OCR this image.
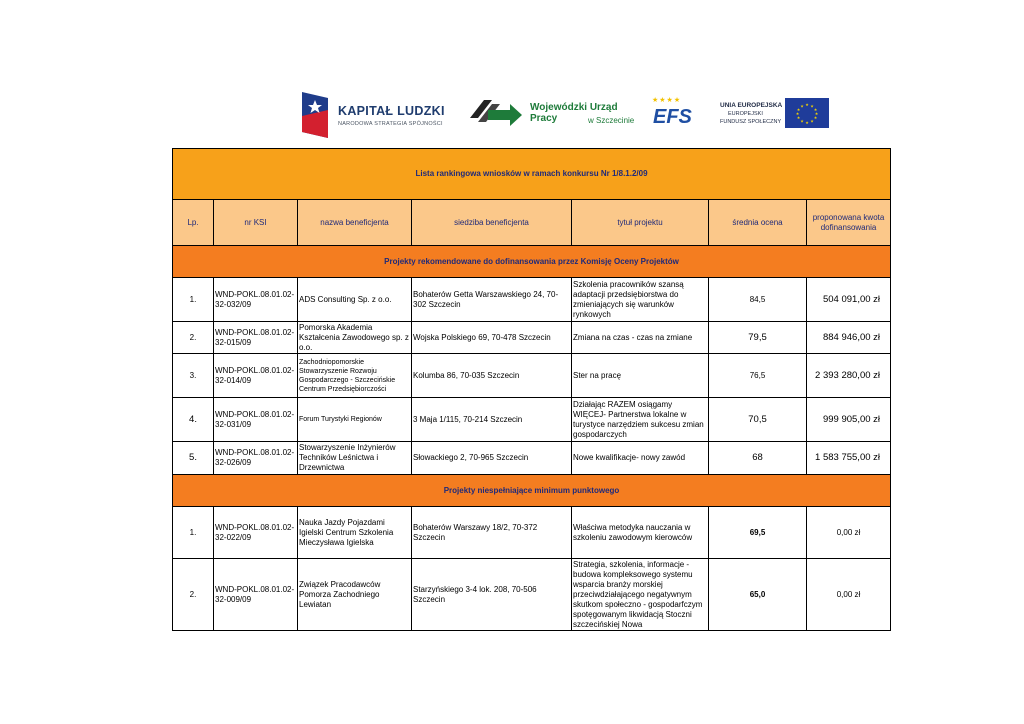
KAPITAŁ LUDZKI
NARODOWA STRATEGIA SPÓJNOŚCI
Wojewódzki Urząd Pracy	w Szczecinie
★★★★
EFS
UNIA EUROPEJSKA
EUROPEJSKI
FUNDUSZ SPOŁECZNY
★ ★
★
★
★
★
★
★
★
★
★
★
Lista rankingowa wniosków w ramach konkursu Nr 1/8.1.2/09						
Lp.	nr KSI	nazwa beneficjenta	siedziba beneficjenta	tytuł projektu	średnia ocena	proponowana kwota dofinansowania
Projekty rekomendowane do dofinansowania przez Komisję Oceny Projektów						
1.	WND-POKL.08.01.02-32-032/09	ADS Consulting Sp. z o.o.	Bohaterów Getta Warszawskiego 24, 70-302 Szczecin	Szkolenia pracowników szansą adaptacji przedsiębiorstwa do zmieniających się warunków rynkowych	84,5	504 091,00 zł
2.	WND-POKL.08.01.02-32-015/09	Pomorska Akademia Kształcenia Zawodowego sp. z o.o.	Wojska Polskiego 69, 70-478 Szczecin	Zmiana na czas - czas na zmiane	79,5	884 946,00 zł
3.	WND-POKL.08.01.02-32-014/09	Zachodniopomorskie Stowarzyszenie Rozwoju Gospodarczego - Szczecińskie Centrum Przedsiębiorczości	Kolumba 86, 70-035 Szczecin	Ster na pracę	76,5	2 393 280,00 zł
4.	WND-POKL.08.01.02-32-031/09	Forum Turystyki Regionów	3 Maja 1/115, 70-214 Szczecin	Działając RAZEM osiągamy WIĘCEJ- Partnerstwa lokalne w turystyce narzędziem sukcesu zmian gospodarczych	70,5	999 905,00 zł
5.	WND-POKL.08.01.02-32-026/09	Stowarzyszenie Inżynierów Techników Leśnictwa i Drzewnictwa	Słowackiego 2, 70-965 Szczecin	Nowe kwalifikacje- nowy zawód	68	1 583 755,00 zł
Projekty niespełniające minimum punktowego						
1.	WND-POKL.08.01.02-32-022/09	Nauka Jazdy Pojazdami Igielski Centrum Szkolenia Mieczysława Igielska	Bohaterów Warszawy 18/2, 70-372 Szczecin	Właściwa metodyka nauczania w szkoleniu zawodowym kierowców	69,5	0,00 zł
2.	WND-POKL.08.01.02-32-009/09	Związek Pracodawców Pomorza Zachodniego Lewiatan	Starzyńskiego 3-4 lok. 208, 70-506 Szczecin	Strategia, szkolenia, informacje - budowa kompleksowego systemu wsparcia branży morskiej przeciwdziałającego negatywnym skutkom społeczno - gospodarfczym spotęgowanym likwidacją Stoczni szczecińskiej Nowa	65,0	0,00 zł
